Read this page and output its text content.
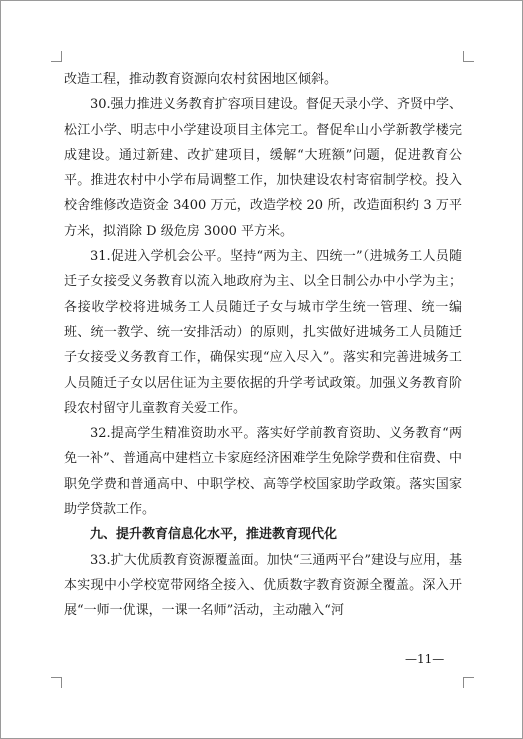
改造工程，推动教育资源向农村贫困地区倾斜。

30.强力推进义务教育扩容项目建设。督促天录小学、齐贤中学、松江小学、明志中小学建设项目主体完工。督促牟山小学新教学楼完成建设。通过新建、改扩建项目，缓解“大班额”问题，促进教育公平。推进农村中小学布局调整工作，加快建设农村寄宿制学校。投入校舍维修改造资金 3400 万元，改造学校 20 所，改造面积约 3 万平方米，拟消除 D 级危房 3000 平方米。

31.促进入学机会公平。坚持“两为主、四统一”（进城务工人员随迁子女接受义务教育以流入地政府为主、以全日制公办中小学为主；各接收学校将进城务工人员随迁子女与城市学生统一管理、统一编班、统一教学、统一安排活动）的原则，扎实做好进城务工人员随迁子女接受义务教育工作，确保实现“应入尽入”。落实和完善进城务工人员随迁子女以居住证为主要依据的升学考试政策。加强义务教育阶段农村留守儿童教育关爱工作。

32.提高学生精准资助水平。落实好学前教育资助、义务教育“两免一补”、普通高中建档立卡家庭经济困难学生免除学费和住宿费、中职免学费和普通高中、中职学校、高等学校国家助学政策。落实国家助学贷款工作。

九、提升教育信息化水平，推进教育现代化

33.扩大优质教育资源覆盖面。加快“三通两平台”建设与应用，基本实现中小学校宽带网络全接入、优质数字教育资源全覆盖。深入开展“一师一优课，一课一名师”活动，主动融入“河

—11—
